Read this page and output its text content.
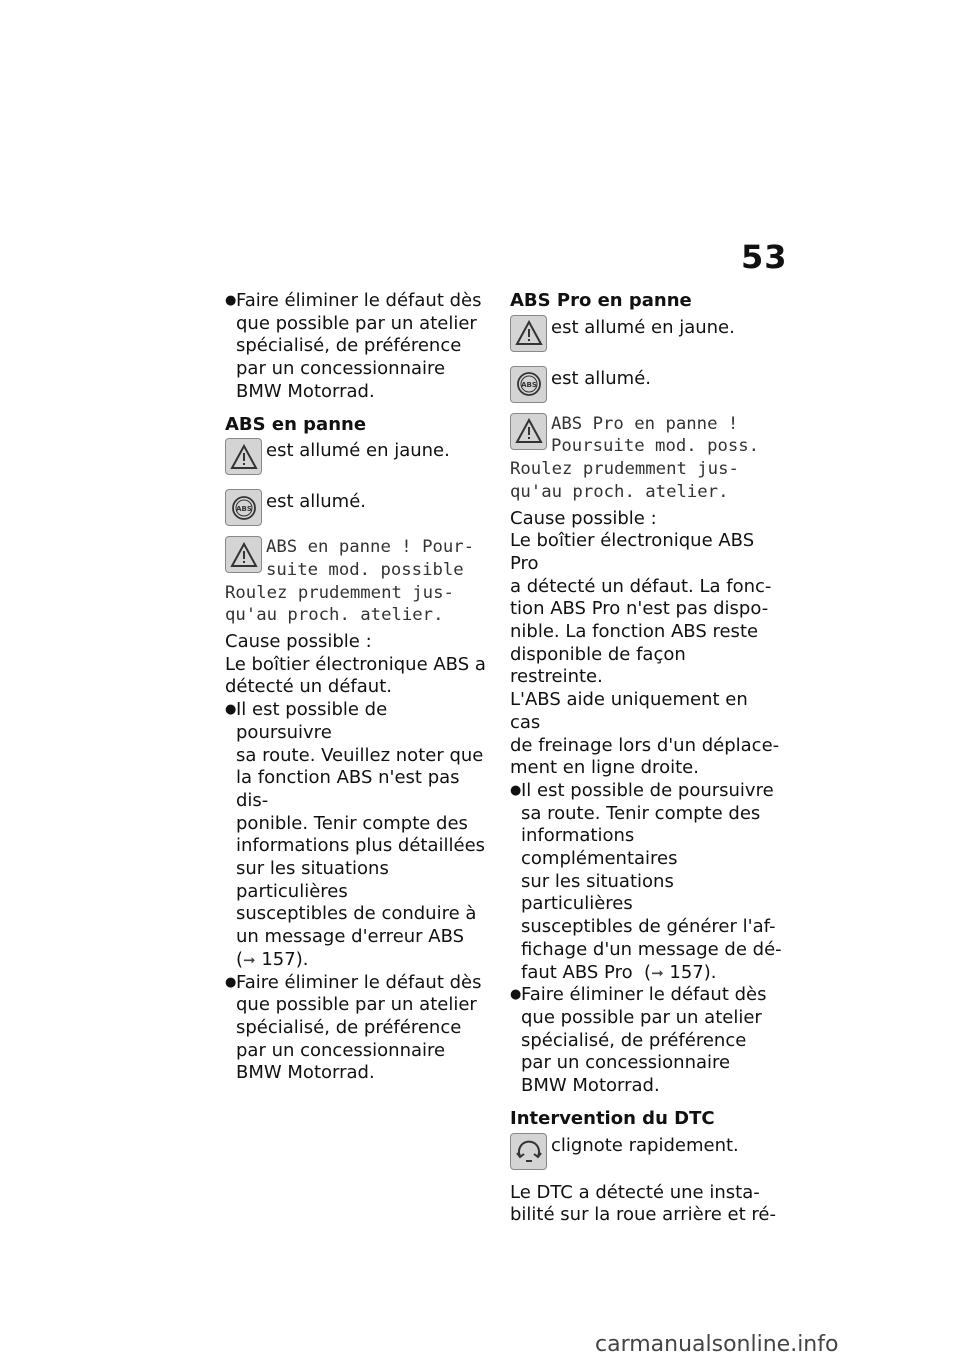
53
● Faire éliminer le défaut dès
que possible par un atelier
spécialisé, de préférence
par un concessionnaire
BMW Motorrad.
ABS en panne
est allumé en jaune.
ABS est allumé.
ABS en panne ! Pour-
suite mod. possible
Roulez prudemment jus-
qu'au proch. atelier.
Cause possible :
Le boîtier électronique ABS a
détecté un défaut.
● Il est possible de poursuivre
sa route. Veuillez noter que
la fonction ABS n'est pas dis-
ponible. Tenir compte des
informations plus détaillées
sur les situations particulières
susceptibles de conduire à
un message d'erreur ABS
(➞ 157).
● Faire éliminer le défaut dès
que possible par un atelier
spécialisé, de préférence
par un concessionnaire
BMW Motorrad.
ABS Pro en panne
est allumé en jaune.
ABS est allumé.
ABS Pro en panne !
Poursuite mod. poss.
Roulez prudemment jus-
qu'au proch. atelier.
Cause possible :
Le boîtier électronique ABS Pro
a détecté un défaut. La fonc-
tion ABS Pro n'est pas dispo-
nible. La fonction ABS reste
disponible de façon restreinte.
L'ABS aide uniquement en cas
de freinage lors d'un déplace-
ment en ligne droite.
● Il est possible de poursuivre
sa route. Tenir compte des
informations complémentaires
sur les situations particulières
susceptibles de générer l'af-
fichage d'un message de dé-
faut ABS Pro  (➞ 157).
● Faire éliminer le défaut dès
que possible par un atelier
spécialisé, de préférence
par un concessionnaire
BMW Motorrad.
Intervention du DTC
clignote rapidement.
Le DTC a détecté une insta-
bilité sur la roue arrière et ré-
carmanualsonline.info
